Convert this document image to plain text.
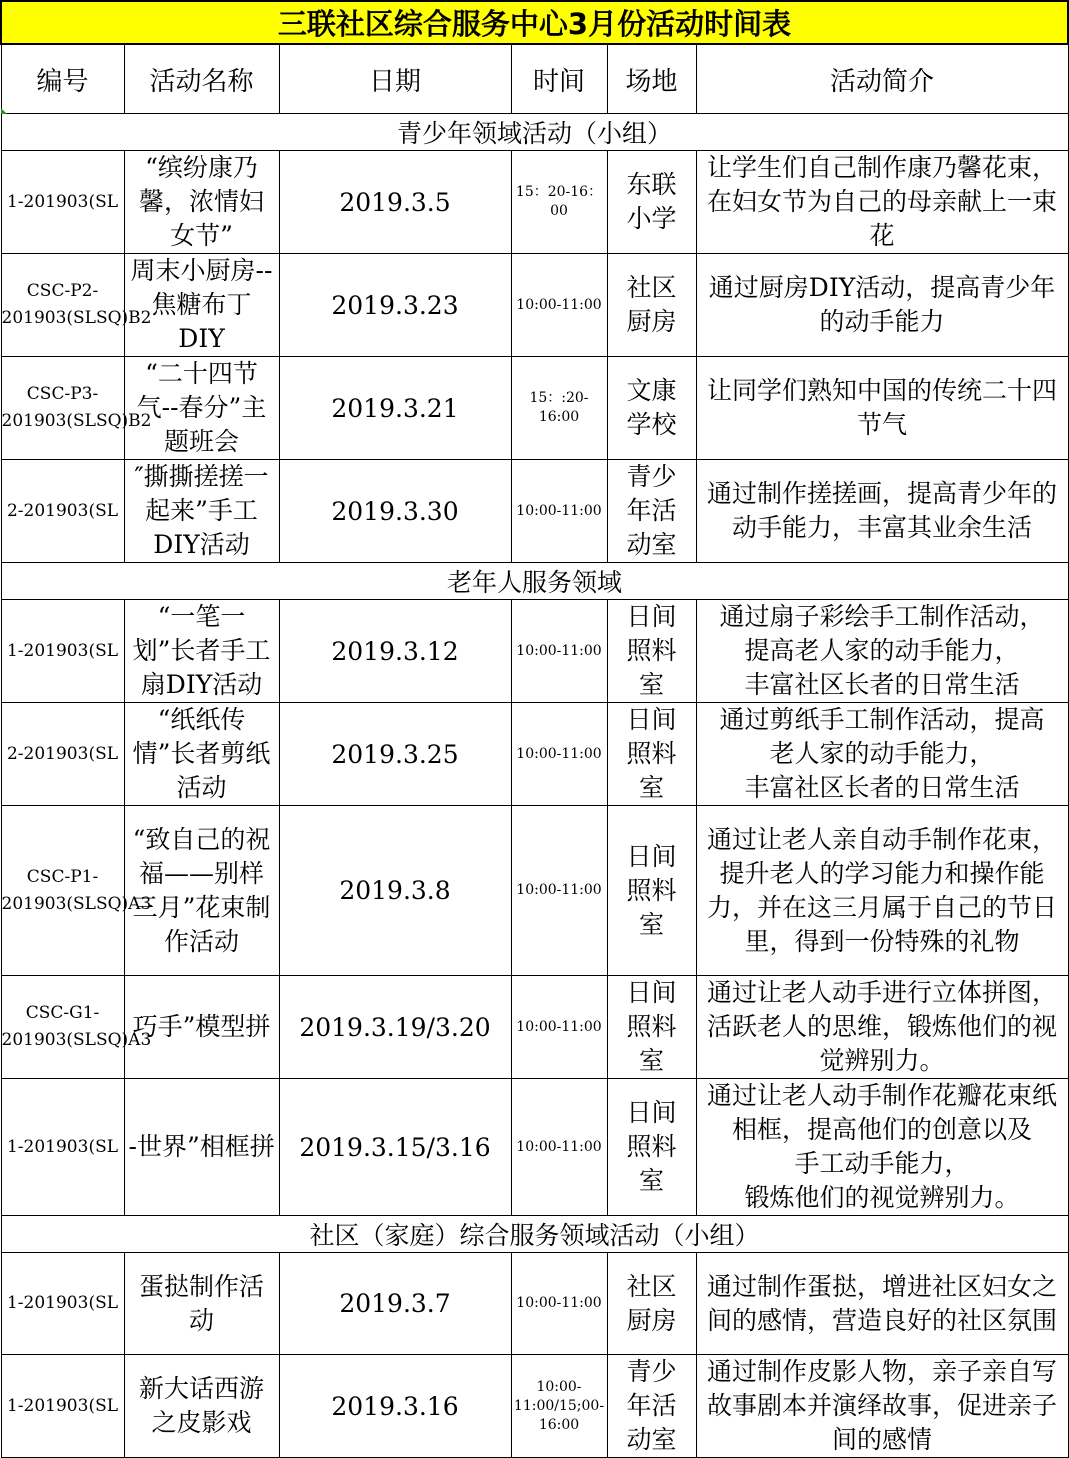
三联社区综合服务中心3月份活动时间表					
编号	活动名称	日期	时间	场地	活动简介
青少年领域活动（小组）					
1-201903(SL	“缤纷康乃馨，浓情妇女节”	2019.3.5	15：20-16：00	东联小学	让学生们自己制作康乃馨花束，在妇女节为自己的母亲献上一束花
CSC-P2-201903(SLSQ)B2	周末小厨房--焦糖布丁DIY	2019.3.23	10:00-11:00	社区厨房	通过厨房DIY活动，提高青少年的动手能力
CSC-P3-201903(SLSQ)B2	“二十四节气--春分”主题班会	2019.3.21	15：:20-16:00	文康学校	让同学们熟知中国的传统二十四节气
2-201903(SL	″撕撕搓搓一起来”手工DIY活动	2019.3.30	10:00-11:00	青少年活动室	通过制作搓搓画，提高青少年的动手能力，丰富其业余生活
老年人服务领域					
1-201903(SL	“一笔一划”长者手工扇DIY活动	2019.3.12	10:00-11:00	日间照料室	通过扇子彩绘手工制作活动，
提高老人家的动手能力，
丰富社区长者的日常生活
2-201903(SL	“纸纸传情”长者剪纸活动	2019.3.25	10:00-11:00	日间照料室	通过剪纸手工制作活动，提高
老人家的动手能力，
丰富社区长者的日常生活
CSC-P1-201903(SLSQ)A3	“致自己的祝福——别样三月”花束制作活动	2019.3.8	10:00-11:00	日间照料室	通过让老人亲自动手制作花束，提升老人的学习能力和操作能力，并在这三月属于自己的节日里，得到一份特殊的礼物
CSC-G1-201903(SLSQ)A3	巧手”模型拼	2019.3.19/3.20	10:00-11:00	日间照料室	通过让老人动手进行立体拼图，活跃老人的思维，锻炼他们的视觉辨别力。
1-201903(SL	-世界”相框拼	2019.3.15/3.16	10:00-11:00	日间照料室	通过让老人动手制作花瓣花束纸相框，提高他们的创意以及
手工动手能力，
锻炼他们的视觉辨别力。
社区（家庭）综合服务领域活动（小组）					
1-201903(SL	蛋挞制作活动	2019.3.7	10:00-11:00	社区厨房	通过制作蛋挞，增进社区妇女之间的感情，营造良好的社区氛围
1-201903(SL	新大话西游之皮影戏	2019.3.16	10:00-11:00/15;00-16:00	青少年活动室	通过制作皮影人物，亲子亲自写故事剧本并演绎故事，促进亲子间的感情
